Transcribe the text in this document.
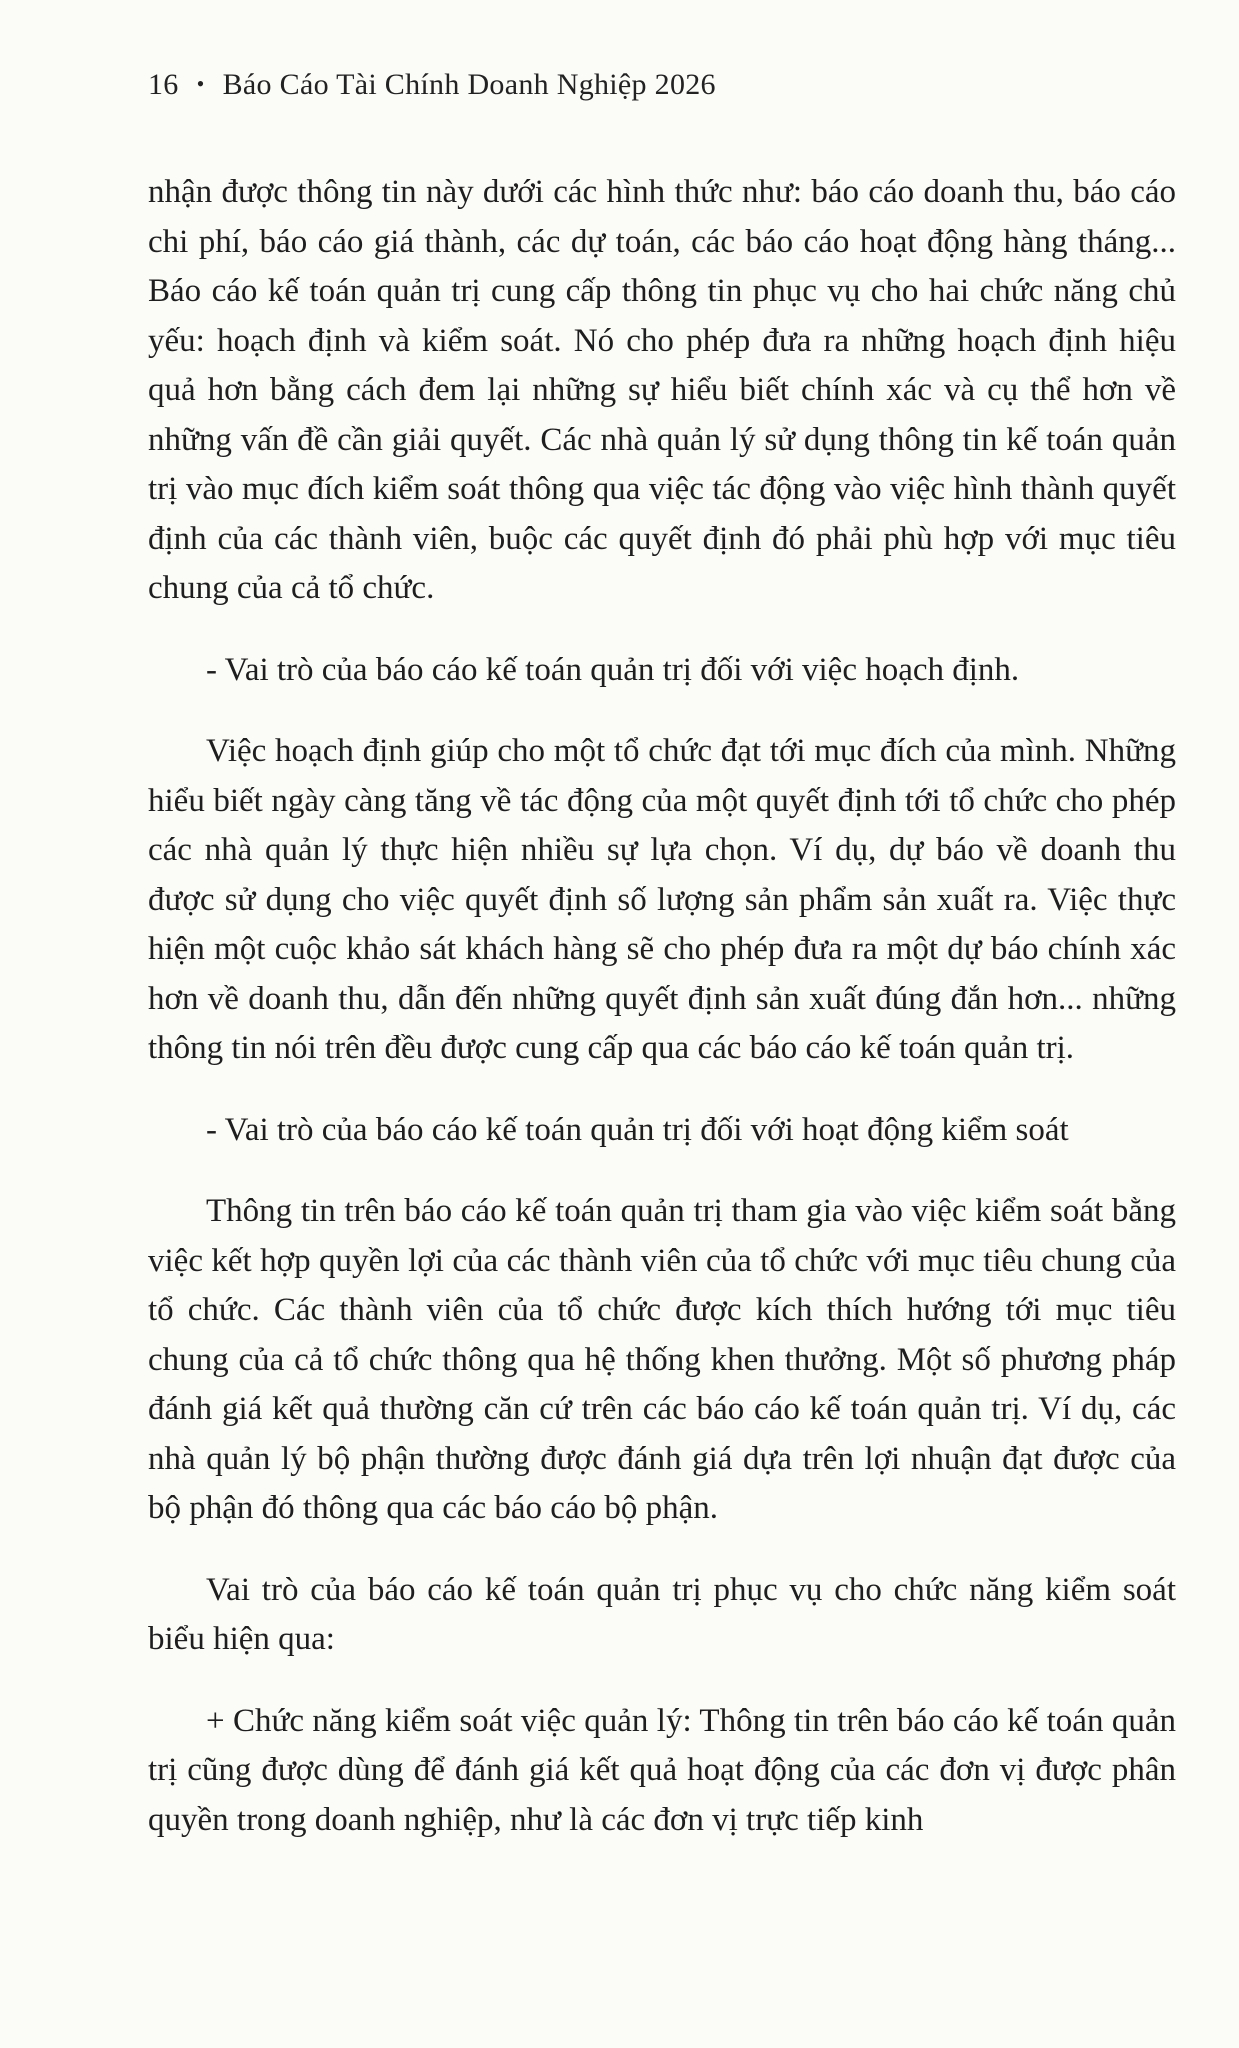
16 • Báo Cáo Tài Chính Doanh Nghiệp 2026

nhận được thông tin này dưới các hình thức như: báo cáo doanh thu, báo cáo chi phí, báo cáo giá thành, các dự toán, các báo cáo hoạt động hàng tháng... Báo cáo kế toán quản trị cung cấp thông tin phục vụ cho hai chức năng chủ yếu: hoạch định và kiểm soát. Nó cho phép đưa ra những hoạch định hiệu quả hơn bằng cách đem lại những sự hiểu biết chính xác và cụ thể hơn về những vấn đề cần giải quyết. Các nhà quản lý sử dụng thông tin kế toán quản trị vào mục đích kiểm soát thông qua việc tác động vào việc hình thành quyết định của các thành viên, buộc các quyết định đó phải phù hợp với mục tiêu chung của cả tổ chức.

- Vai trò của báo cáo kế toán quản trị đối với việc hoạch định.

Việc hoạch định giúp cho một tổ chức đạt tới mục đích của mình. Những hiểu biết ngày càng tăng về tác động của một quyết định tới tổ chức cho phép các nhà quản lý thực hiện nhiều sự lựa chọn. Ví dụ, dự báo về doanh thu được sử dụng cho việc quyết định số lượng sản phẩm sản xuất ra. Việc thực hiện một cuộc khảo sát khách hàng sẽ cho phép đưa ra một dự báo chính xác hơn về doanh thu, dẫn đến những quyết định sản xuất đúng đắn hơn... những thông tin nói trên đều được cung cấp qua các báo cáo kế toán quản trị.

- Vai trò của báo cáo kế toán quản trị đối với hoạt động kiểm soát

Thông tin trên báo cáo kế toán quản trị tham gia vào việc kiểm soát bằng việc kết hợp quyền lợi của các thành viên của tổ chức với mục tiêu chung của tổ chức. Các thành viên của tổ chức được kích thích hướng tới mục tiêu chung của cả tổ chức thông qua hệ thống khen thưởng. Một số phương pháp đánh giá kết quả thường căn cứ trên các báo cáo kế toán quản trị. Ví dụ, các nhà quản lý bộ phận thường được đánh giá dựa trên lợi nhuận đạt được của bộ phận đó thông qua các báo cáo bộ phận.

Vai trò của báo cáo kế toán quản trị phục vụ cho chức năng kiểm soát biểu hiện qua:

+ Chức năng kiểm soát việc quản lý: Thông tin trên báo cáo kế toán quản trị cũng được dùng để đánh giá kết quả hoạt động của các đơn vị được phân quyền trong doanh nghiệp, như là các đơn vị trực tiếp kinh
